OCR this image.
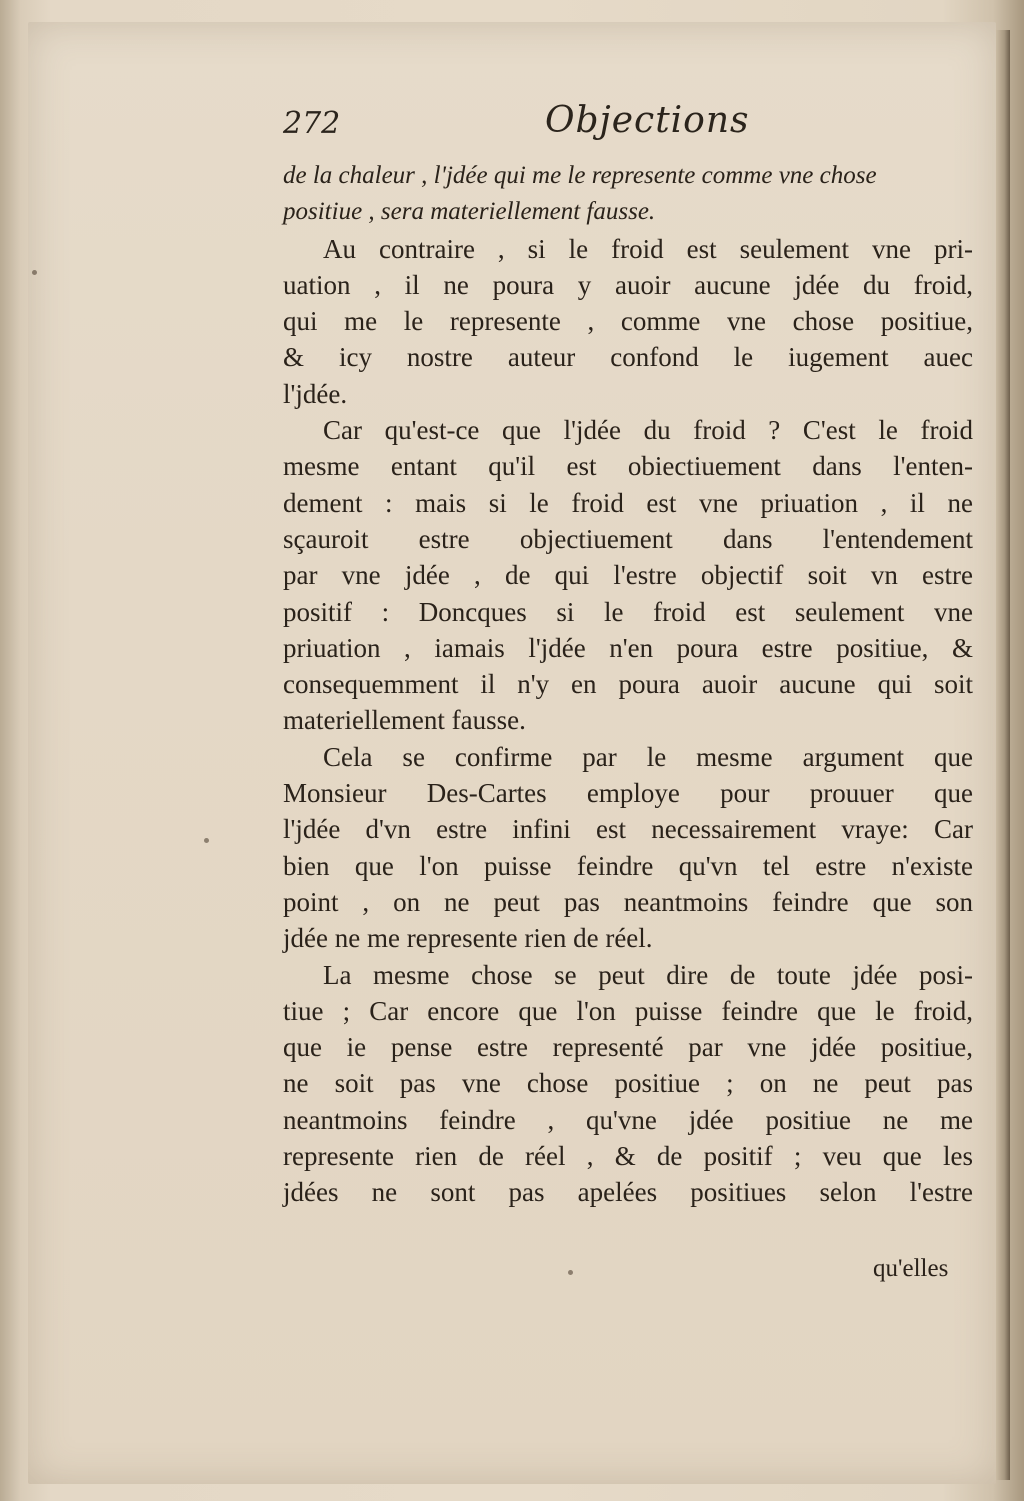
272	Objections
de la chaleur , l'jdée qui me le represente comme vne chose
positiue , sera materiellement fausse.
Au contraire , si le froid est seulement vne pri-
uation , il ne poura y auoir aucune jdée du froid,
qui me le represente , comme vne chose positiue,
& icy nostre auteur confond le iugement auec
l'jdée.
Car qu'est-ce que l'jdée du froid ? C'est le froid
mesme entant qu'il est obiectiuement dans l'enten-
dement : mais si le froid est vne priuation , il ne
sçauroit estre objectiuement dans l'entendement
par vne jdée , de qui l'estre objectif soit vn estre
positif : Doncques si le froid est seulement vne
priuation , iamais l'jdée n'en poura estre positiue, &
consequemment il n'y en poura auoir aucune qui soit
materiellement fausse.
Cela se confirme par le mesme argument que
Monsieur Des-Cartes employe pour prouuer que
l'jdée d'vn estre infini est necessairement vraye: Car
bien que l'on puisse feindre qu'vn tel estre n'existe
point , on ne peut pas neantmoins feindre que son
jdée ne me represente rien de réel.
La mesme chose se peut dire de toute jdée posi-
tiue ; Car encore que l'on puisse feindre que le froid,
que ie pense estre representé par vne jdée positiue,
ne soit pas vne chose positiue ; on ne peut pas
neantmoins feindre , qu'vne jdée positiue ne me
represente rien de réel , & de positif ; veu que les
jdées ne sont pas apelées positiues selon l'estre
qu'elles
